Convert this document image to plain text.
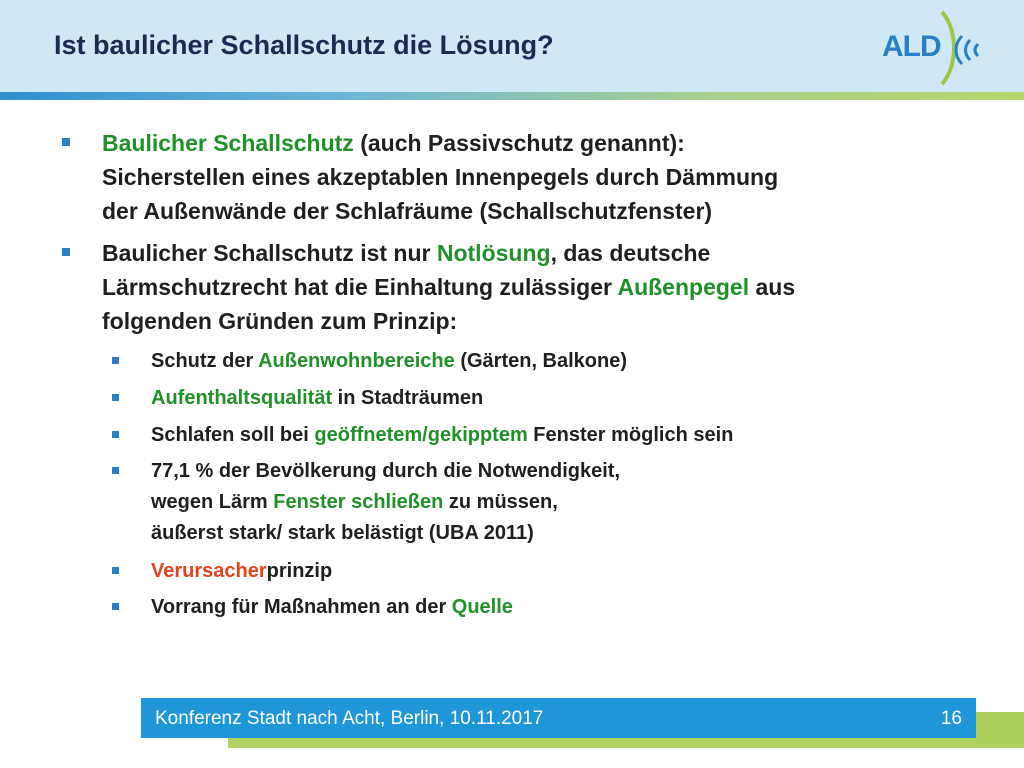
Ist baulicher Schallschutz die Lösung?	ALD
Baulicher Schallschutz (auch Passivschutz genannt):
Sicherstellen eines akzeptablen Innenpegels durch Dämmung
der Außenwände der Schlafräume (Schallschutzfenster)
Baulicher Schallschutz ist nur Notlösung, das deutsche
Lärmschutzrecht hat die Einhaltung zulässiger Außenpegel aus
folgenden Gründen zum Prinzip:
Schutz der Außenwohnbereiche (Gärten, Balkone)
Aufenthaltsqualität in Stadträumen
Schlafen soll bei geöffnetem/gekipptem Fenster möglich sein
77,1 % der Bevölkerung durch die Notwendigkeit,
wegen Lärm Fenster schließen zu müssen,
äußerst stark/ stark belästigt (UBA 2011)
Verursacherprinzip
Vorrang für Maßnahmen an der Quelle
Konferenz Stadt nach Acht, Berlin, 10.11.2017	16
